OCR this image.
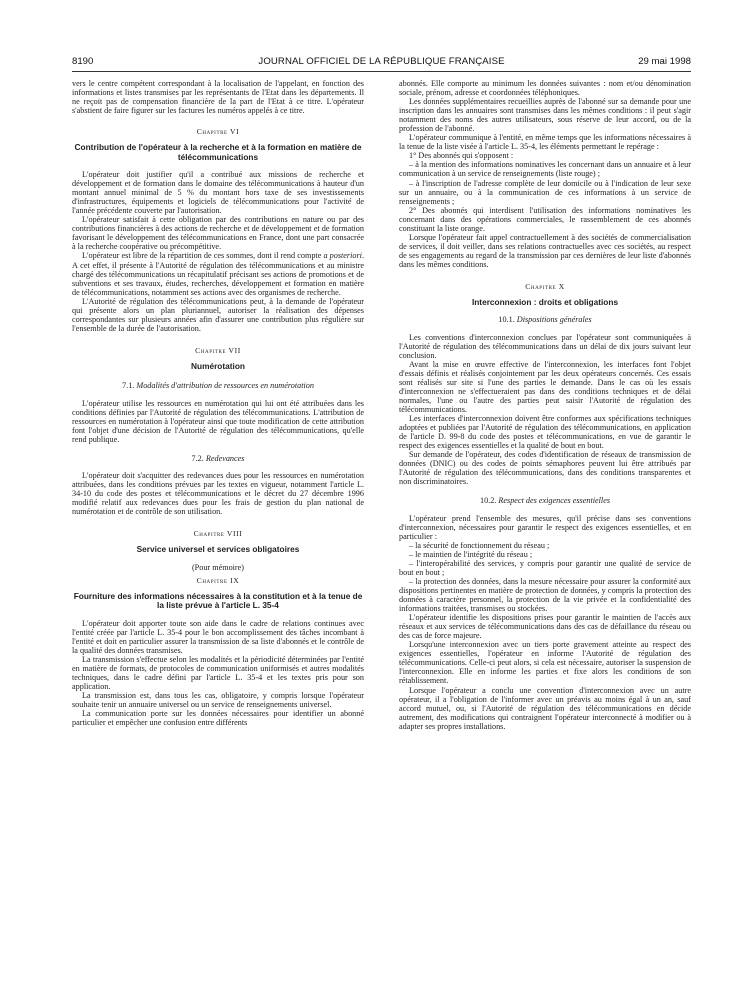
8190	JOURNAL OFFICIEL DE LA RÉPUBLIQUE FRANÇAISE	29 mai 1998

vers le centre compétent correspondant à la localisation de l'appelant, en fonction des informations et listes transmises par les représentants de l'Etat dans les départements. Il ne reçoit pas de compensation financière de la part de l'Etat à ce titre. L'opérateur s'abstient de faire figurer sur les factures les numéros appelés à ce titre.

Chapitre VI
Contribution de l'opérateur à la recherche et à la formation en matière de télécommunications

L'opérateur doit justifier qu'il a contribué aux missions de recherche et développement et de formation dans le domaine des télécommunications à hauteur d'un montant annuel minimal de 5 % du montant hors taxe de ses investissements d'infrastructures, équipements et logiciels de télécommunications pour l'activité de l'année précédente couverte par l'autorisation.

L'opérateur satisfait à cette obligation par des contributions en nature ou par des contributions financières à des actions de recherche et de développement et de formation favorisant le développement des télécommunications en France, dont une part consacrée à la recherche coopérative ou précompétitive.

L'opérateur est libre de la répartition de ces sommes, dont il rend compte a posteriori. A cet effet, il présente à l'Autorité de régulation des télécommunications et au ministre chargé des télécommunications un récapitulatif précisant ses actions de promotions et de subventions et ses travaux, études, recherches, développement et formation en matière de télécommunications, notamment ses actions avec des organismes de recherche.

L'Autorité de régulation des télécommunications peut, à la demande de l'opérateur qui présente alors un plan pluriannuel, autoriser la réalisation des dépenses correspondantes sur plusieurs années afin d'assurer une contribution plus régulière sur l'ensemble de la durée de l'autorisation.

Chapitre VII
Numérotation
7.1. Modalités d'attribution de ressources en numérotation

L'opérateur utilise les ressources en numérotation qui lui ont été attribuées dans les conditions définies par l'Autorité de régulation des télécommunications. L'attribution de ressources en numérotation à l'opérateur ainsi que toute modification de cette attribution font l'objet d'une décision de l'Autorité de régulation des télécommunications, qu'elle rend publique.

7.2. Redevances

L'opérateur doit s'acquitter des redevances dues pour les ressources en numérotation attribuées, dans les conditions prévues par les textes en vigueur, notamment l'article L. 34-10 du code des postes et télécommunications et le décret du 27 décembre 1996 modifié relatif aux redevances dues pour les frais de gestion du plan national de numérotation et de contrôle de son utilisation.

Chapitre VIII
Service universel et services obligatoires
(Pour mémoire)
Chapitre IX
Fourniture des informations nécessaires à la constitution et à la tenue de la liste prévue à l'article L. 35-4

L'opérateur doit apporter toute son aide dans le cadre de relations continues avec l'entité créée par l'article L. 35-4 pour le bon accomplissement des tâches incombant à l'entité et doit en particulier assurer la transmission de sa liste d'abonnés et le contrôle de la qualité des données transmises.

La transmission s'effectue selon les modalités et la périodicité déterminées par l'entité en matière de formats, de protocoles de communication uniformisés et autres modalités techniques, dans le cadre défini par l'article L. 35-4 et les textes pris pour son application.

La transmission est, dans tous les cas, obligatoire, y compris lorsque l'opérateur souhaite tenir un annuaire universel ou un service de renseignements universel.

La communication porte sur les données nécessaires pour identifier un abonné particulier et empêcher une confusion entre différents

abonnés. Elle comporte au minimum les données suivantes : nom et/ou dénomination sociale, prénom, adresse et coordonnées téléphoniques.

Les données supplémentaires recueillies auprès de l'abonné sur sa demande pour une inscription dans les annuaires sont transmises dans les mêmes conditions : il peut s'agir notamment des noms des autres utilisateurs, sous réserve de leur accord, ou de la profession de l'abonné.

L'opérateur communique à l'entité, en même temps que les informations nécessaires à la tenue de la liste visée à l'article L. 35-4, les éléments permettant le repérage :

1° Des abonnés qui s'opposent :

– à la mention des informations nominatives les concernant dans un annuaire et à leur communication à un service de renseignements (liste rouge) ;

– à l'inscription de l'adresse complète de leur domicile ou à l'indication de leur sexe sur un annuaire, ou à la communication de ces informations à un service de renseignements ;

2° Des abonnés qui interdisent l'utilisation des informations nominatives les concernant dans des opérations commerciales, le rassemblement de ces abonnés constituant la liste orange.

Lorsque l'opérateur fait appel contractuellement à des sociétés de commercialisation de services, il doit veiller, dans ses relations contractuelles avec ces sociétés, au respect de ses engagements au regard de la transmission par ces dernières de leur liste d'abonnés dans les mêmes conditions.

Chapitre X
Interconnexion : droits et obligations
10.1. Dispositions générales

Les conventions d'interconnexion conclues par l'opérateur sont communiquées à l'Autorité de régulation des télécommunications dans un délai de dix jours suivant leur conclusion.

Avant la mise en œuvre effective de l'interconnexion, les interfaces font l'objet d'essais définis et réalisés conjointement par les deux opérateurs concernés. Ces essais sont réalisés sur site si l'une des parties le demande. Dans le cas où les essais d'interconnexion ne s'effectueraient pas dans des conditions techniques et de délai normales, l'une ou l'autre des parties peut saisir l'Autorité de régulation des télécommunications.

Les interfaces d'interconnexion doivent être conformes aux spécifications techniques adoptées et publiées par l'Autorité de régulation des télécommunications, en application de l'article D. 99-8 du code des postes et télécommunications, en vue de garantir le respect des exigences essentielles et la qualité de bout en bout.

Sur demande de l'opérateur, des codes d'identification de réseaux de transmission de données (DNIC) ou des codes de points sémaphores peuvent lui être attribués par l'Autorité de régulation des télécommunications, dans des conditions transparentes et non discriminatoires.

10.2. Respect des exigences essentielles

L'opérateur prend l'ensemble des mesures, qu'il précise dans ses conventions d'interconnexion, nécessaires pour garantir le respect des exigences essentielles, et en particulier :

– la sécurité de fonctionnement du réseau ;

– le maintien de l'intégrité du réseau ;

– l'interopérabilité des services, y compris pour garantir une qualité de service de bout en bout ;

– la protection des données, dans la mesure nécessaire pour assurer la conformité aux dispositions pertinentes en matière de protection de données, y compris la protection des données à caractère personnel, la protection de la vie privée et la confidentialité des informations traitées, transmises ou stockées.

L'opérateur identifie les dispositions prises pour garantir le maintien de l'accès aux réseaux et aux services de télécommunications dans des cas de défaillance du réseau ou des cas de force majeure.

Lorsqu'une interconnexion avec un tiers porte gravement atteinte au respect des exigences essentielles, l'opérateur en informe l'Autorité de régulation des télécommunications. Celle-ci peut alors, si cela est nécessaire, autoriser la suspension de l'interconnexion. Elle en informe les parties et fixe alors les conditions de son rétablissement.

Lorsque l'opérateur a conclu une convention d'interconnexion avec un autre opérateur, il a l'obligation de l'informer avec un préavis au moins égal à un an, sauf accord mutuel, ou, si l'Autorité de régulation des télécommunications en décide autrement, des modifications qui contraignent l'opérateur interconnecté à modifier ou à adapter ses propres installations.
